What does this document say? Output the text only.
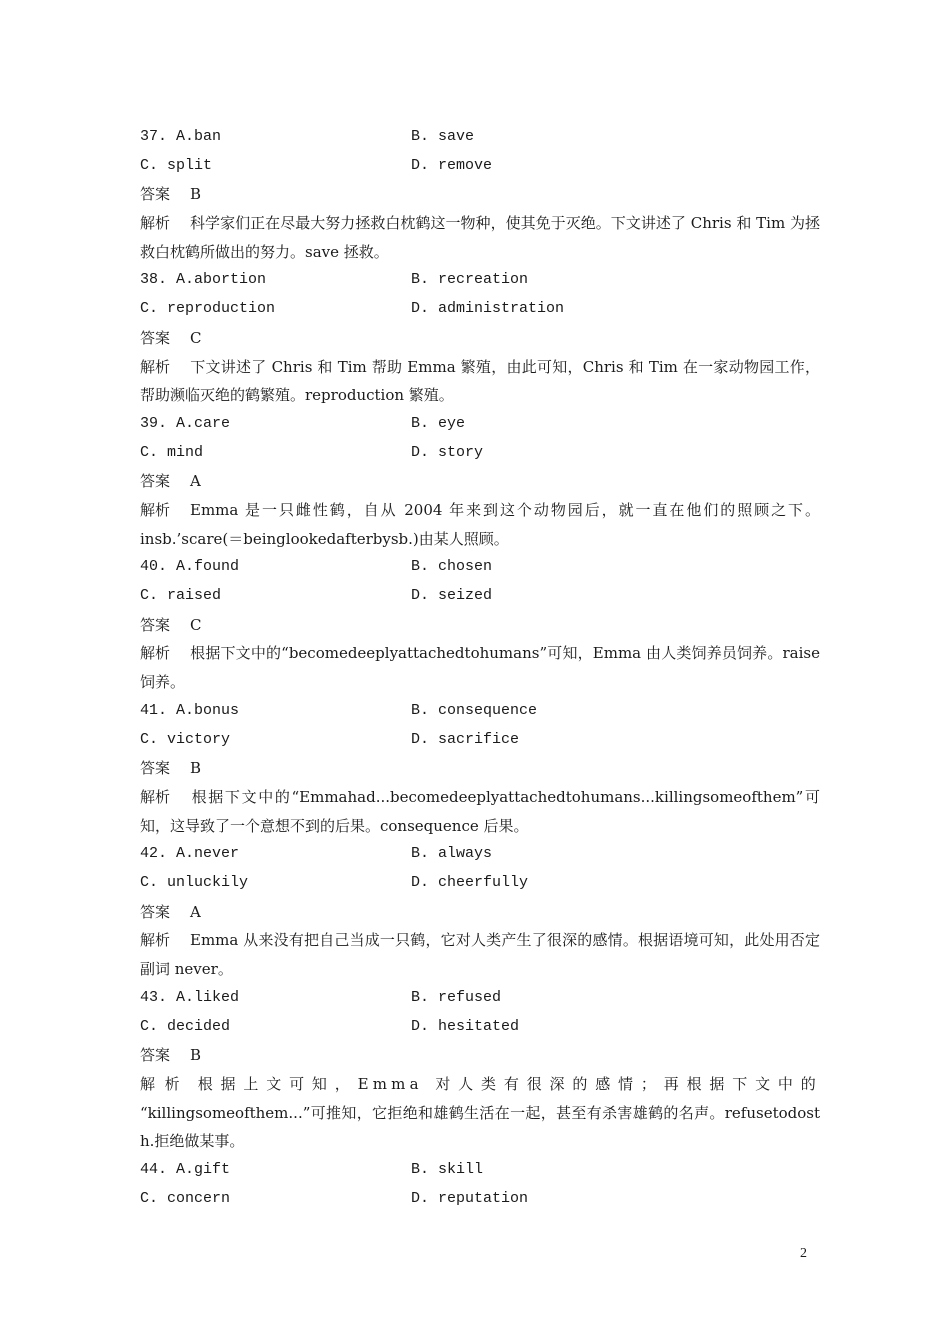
37. A.ban	B. save
C. split	D. remove
答案 B
解析 科学家们正在尽最大努力拯救白枕鹤这一物种，使其免于灭绝。下文讲述了 Chris 和 Tim 为拯救白枕鹤所做出的努力。save 拯救。
38. A.abortion	B. recreation
C. reproduction	D. administration
答案 C
解析 下文讲述了 Chris 和 Tim 帮助 Emma 繁殖，由此可知，Chris 和 Tim 在一家动物园工作，帮助濒临灭绝的鹤繁殖。reproduction 繁殖。
39. A.care	B. eye
C. mind	D. story
答案 A
解析 Emma 是一只雌性鹤，自从 2004 年来到这个动物园后，就一直在他们的照顾之下。insb.’scare(＝beinglookedafterbysb.)由某人照顾。
40. A.found	B. chosen
C. raised	D. seized
答案 C
解析 根据下文中的“becomedeeplyattachedtohumans”可知，Emma 由人类饲养员饲养。raise 饲养。
41. A.bonus	B. consequence
C. victory	D. sacrifice
答案 B
解析 根据下文中的“Emmahad...becomedeeplyattachedtohumans...killingsomeofthem”可知，这导致了一个意想不到的后果。consequence 后果。
42. A.never	B. always
C. unluckily	D. cheerfully
答案 A
解析 Emma 从来没有把自己当成一只鹤，它对人类产生了很深的感情。根据语境可知，此处用否定副词 never。
43. A.liked	B. refused
C. decided	D. hesitated
答案 B
解析 根据上文可知，Emma 对人类有很深的感情；再根据下文中的
“killingsomeofthem...”可推知，它拒绝和雄鹤生活在一起，甚至有杀害雄鹤的名声。refusetodosth.拒绝做某事。
44. A.gift	B. skill
C. concern	D. reputation
2
